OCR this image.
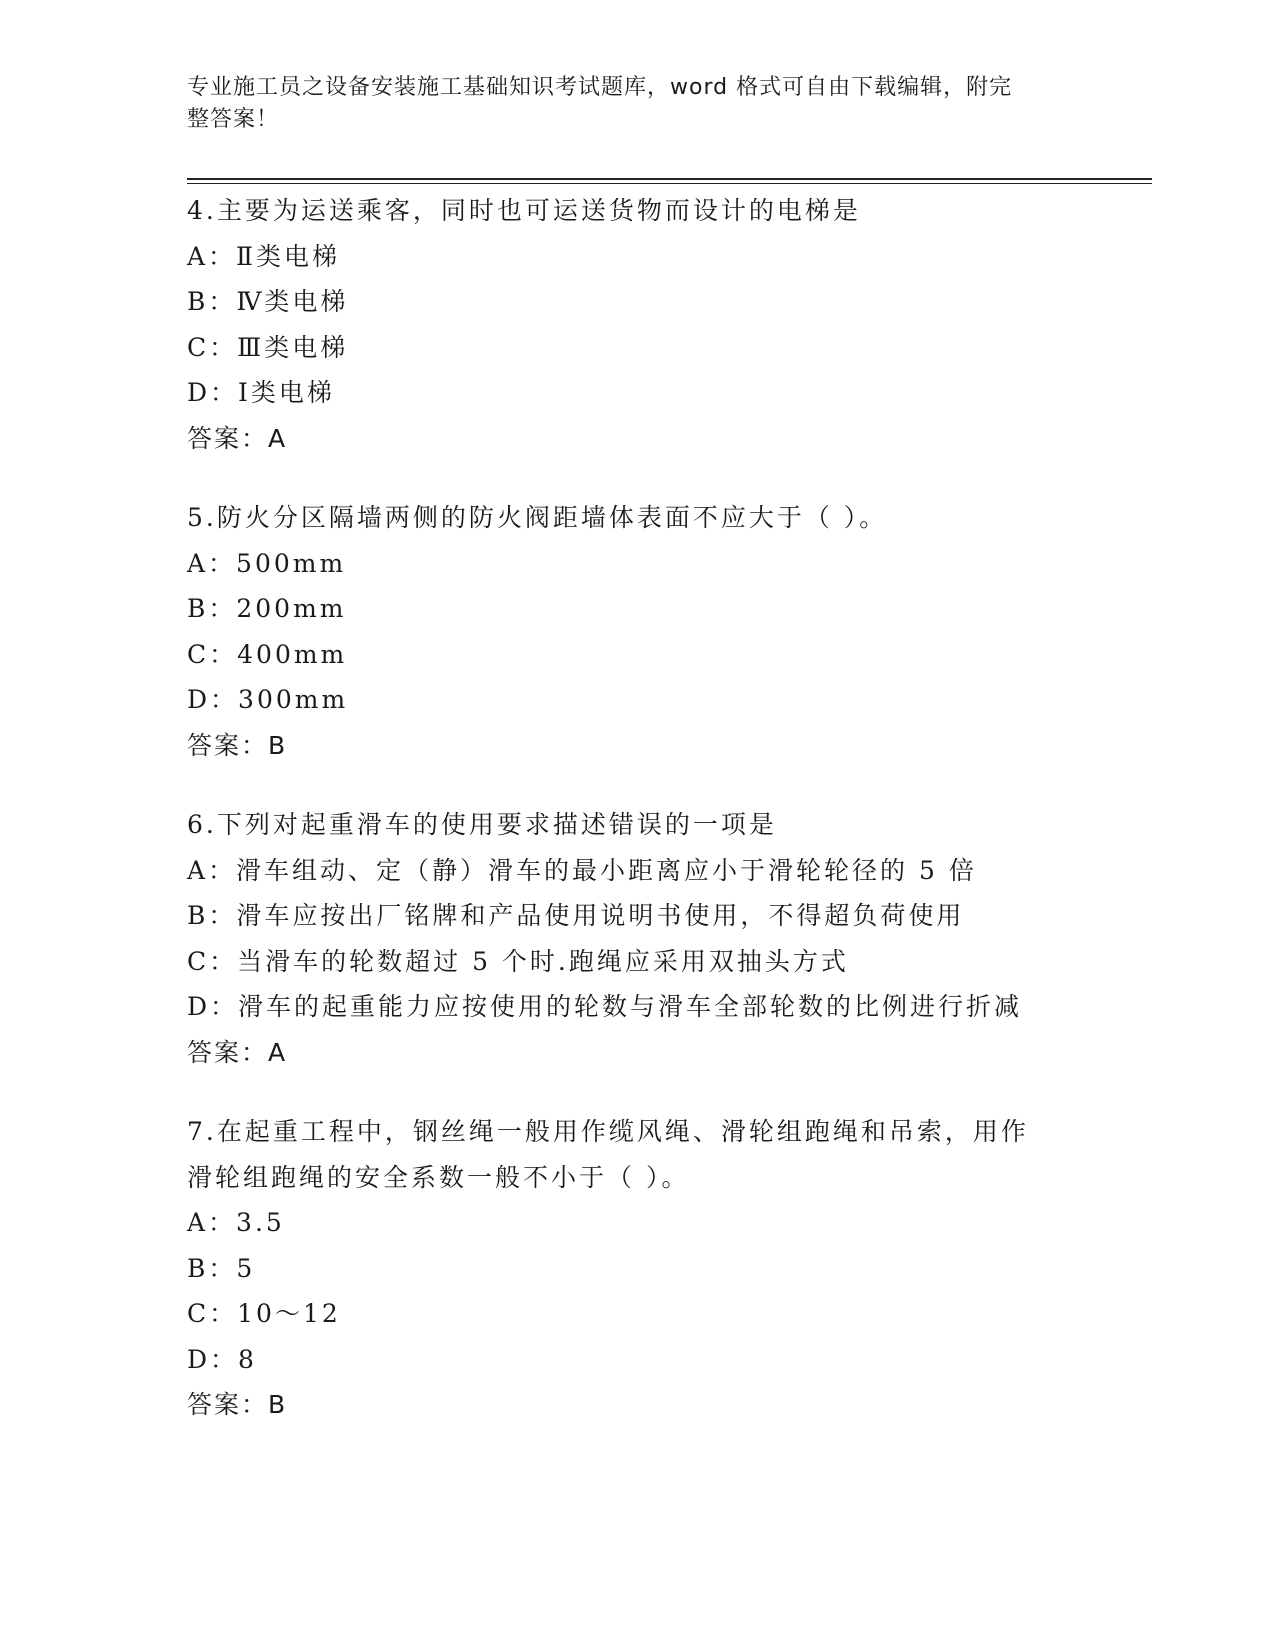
专业施工员之设备安装施工基础知识考试题库，word 格式可自由下载编辑，附完
整答案！
4.主要为运送乘客，同时也可运送货物而设计的电梯是
A：Ⅱ类电梯
B：Ⅳ类电梯
C：Ⅲ类电梯
D：Ⅰ类电梯
答案：A
5.防火分区隔墙两侧的防火阀距墙体表面不应大于（ ）。
A：500mm
B：200mm
C：400mm
D：300mm
答案：B
6.下列对起重滑车的使用要求描述错误的一项是
A：滑车组动、定（静）滑车的最小距离应小于滑轮轮径的 5 倍
B：滑车应按出厂铭牌和产品使用说明书使用，不得超负荷使用
C：当滑车的轮数超过 5 个时.跑绳应采用双抽头方式
D：滑车的起重能力应按使用的轮数与滑车全部轮数的比例进行折减
答案：A
7.在起重工程中，钢丝绳一般用作缆风绳、滑轮组跑绳和吊索，用作
滑轮组跑绳的安全系数一般不小于（ ）。
A：3.5
B：5
C：10～12
D：8
答案：B
